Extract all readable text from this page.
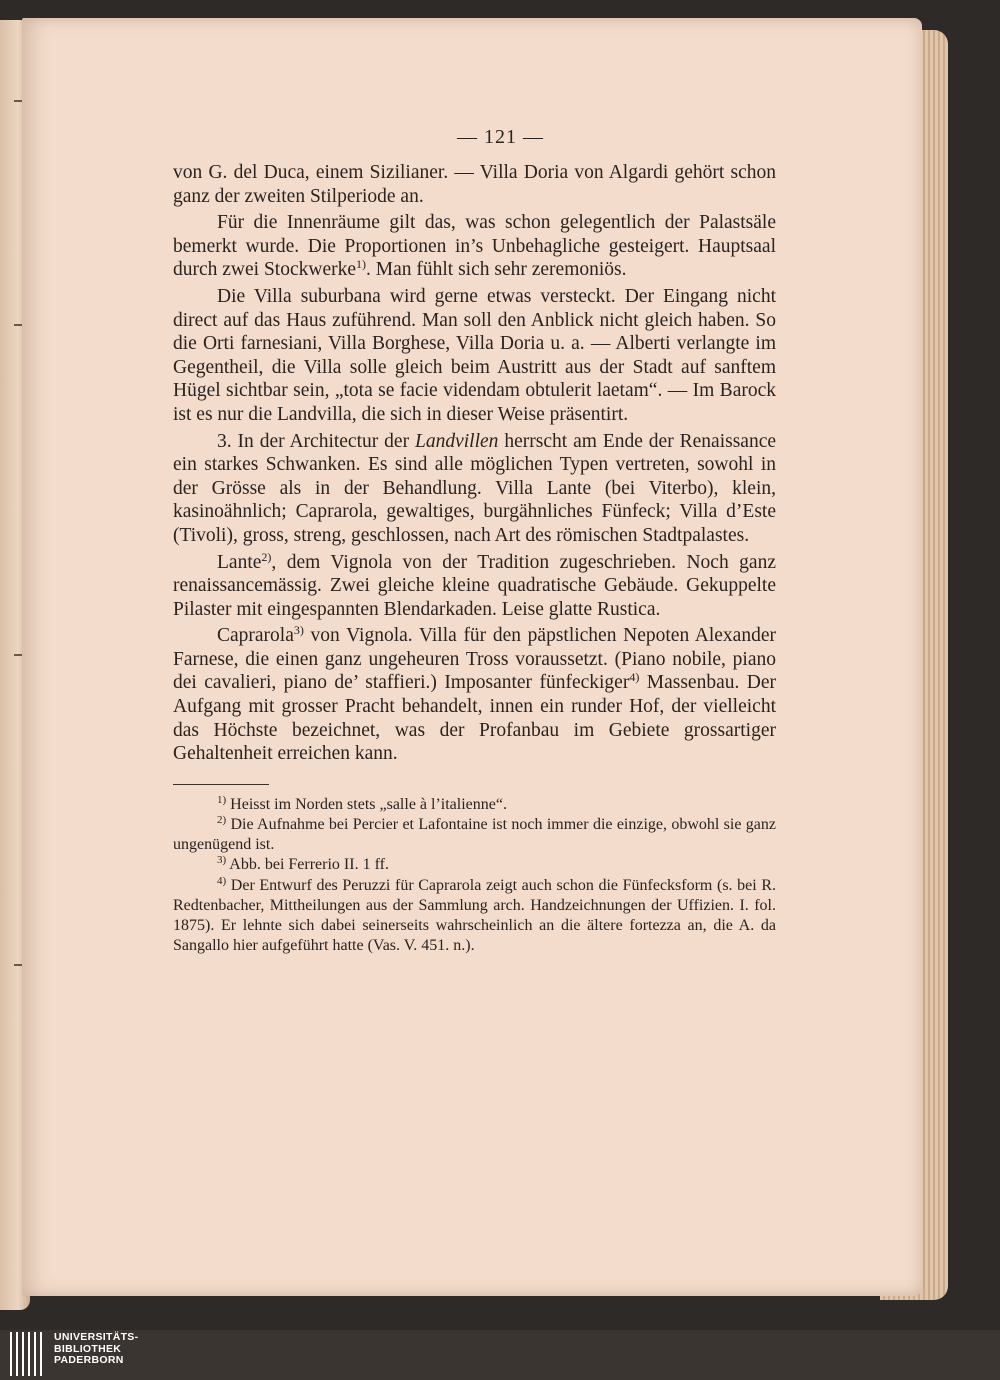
— 121 —

von G. del Duca, einem Sizilianer. — Villa Doria von Algardi gehört schon ganz der zweiten Stilperiode an.

Für die Innenräume gilt das, was schon gelegentlich der Palastsäle bemerkt wurde. Die Proportionen in’s Unbehagliche gesteigert. Hauptsaal durch zwei Stockwerke$^{1)}$. Man fühlt sich sehr zeremoniös.

Die Villa suburbana wird gerne etwas versteckt. Der Eingang nicht direct auf das Haus zuführend. Man soll den Anblick nicht gleich haben. So die Orti farnesiani, Villa Borghese, Villa Doria u. a. — Alberti verlangte im Gegentheil, die Villa solle gleich beim Austritt aus der Stadt auf sanftem Hügel sichtbar sein, „tota se facie videndam obtulerit laetam“. — Im Barock ist es nur die Landvilla, die sich in dieser Weise präsentirt.

3. In der Architectur der Landvillen herrscht am Ende der Renaissance ein starkes Schwanken. Es sind alle möglichen Typen vertreten, sowohl in der Grösse als in der Behandlung. Villa Lante (bei Viterbo), klein, kasinoähnlich; Caprarola, gewaltiges, burgähnliches Fünfeck; Villa d’Este (Tivoli), gross, streng, geschlossen, nach Art des römischen Stadtpalastes.

Lante$^{2)}$, dem Vignola von der Tradition zugeschrieben. Noch ganz renaissancemässig. Zwei gleiche kleine quadratische Gebäude. Gekuppelte Pilaster mit eingespannten Blendarkaden. Leise glatte Rustica.

Caprarola$^{3)}$ von Vignola. Villa für den päpstlichen Nepoten Alexander Farnese, die einen ganz ungeheuren Tross voraussetzt. (Piano nobile, piano dei cavalieri, piano de’ staffieri.) Imposanter fünfeckiger$^{4)}$ Massenbau. Der Aufgang mit grosser Pracht behandelt, innen ein runder Hof, der vielleicht das Höchste bezeichnet, was der Profanbau im Gebiete grossartiger Gehaltenheit erreichen kann.

$^{1)}$ Heisst im Norden stets „salle à l’italienne“.

$^{2)}$ Die Aufnahme bei Percier et Lafontaine ist noch immer die einzige, obwohl sie ganz ungenügend ist.

$^{3)}$ Abb. bei Ferrerio II. 1 ff.

$^{4)}$ Der Entwurf des Peruzzi für Caprarola zeigt auch schon die Fünfecksform (s. bei R. Redtenbacher, Mittheilungen aus der Sammlung arch. Handzeichnungen der Uffizien. I. fol. 1875). Er lehnte sich dabei seinerseits wahrscheinlich an die ältere fortezza an, die A. da Sangallo hier aufgeführt hatte (Vas. V. 451. n.).

UNIVERSITÄTS-
BIBLIOTHEK
PADERBORN
